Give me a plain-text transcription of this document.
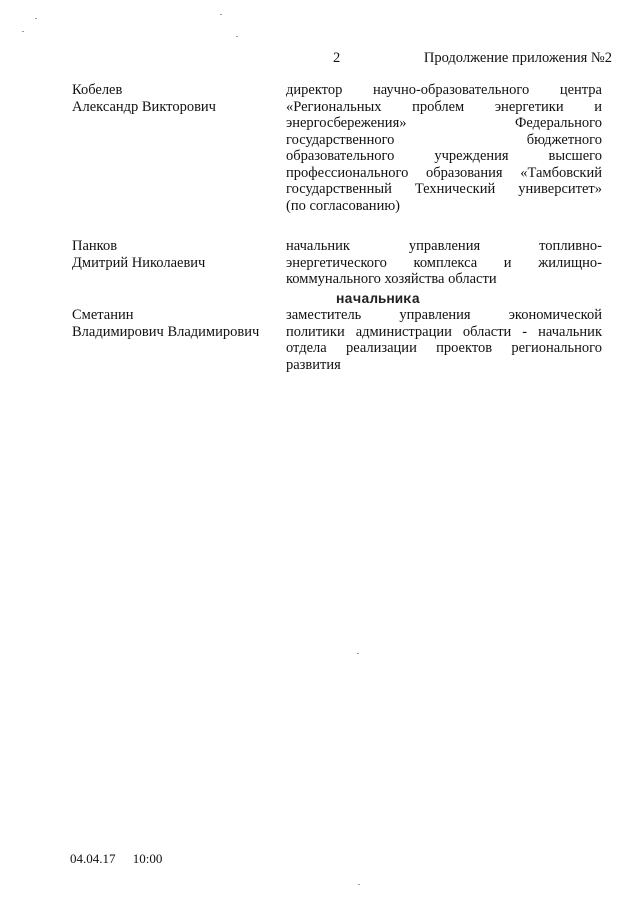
2	Продолжение приложения №2
Кобелев
Александр Викторович
директор научно-образовательного центра
«Региональных проблем энергетики и
энергосбережения» Федерального
государственного бюджетного
образовательного учреждения высшего
профессионального образования «Тамбовский
государственный Технический университет»
(по согласованию)
Панков
Дмитрий Николаевич
начальник управления топливно-
энергетического комплекса и жилищно-
коммунального хозяйства области
начальника
Сметанин
Владимирович Владимирович
заместитель управления экономической
политики администрации области - начальник
отдела реализации проектов регионального
развития
04.04.17 10:00
